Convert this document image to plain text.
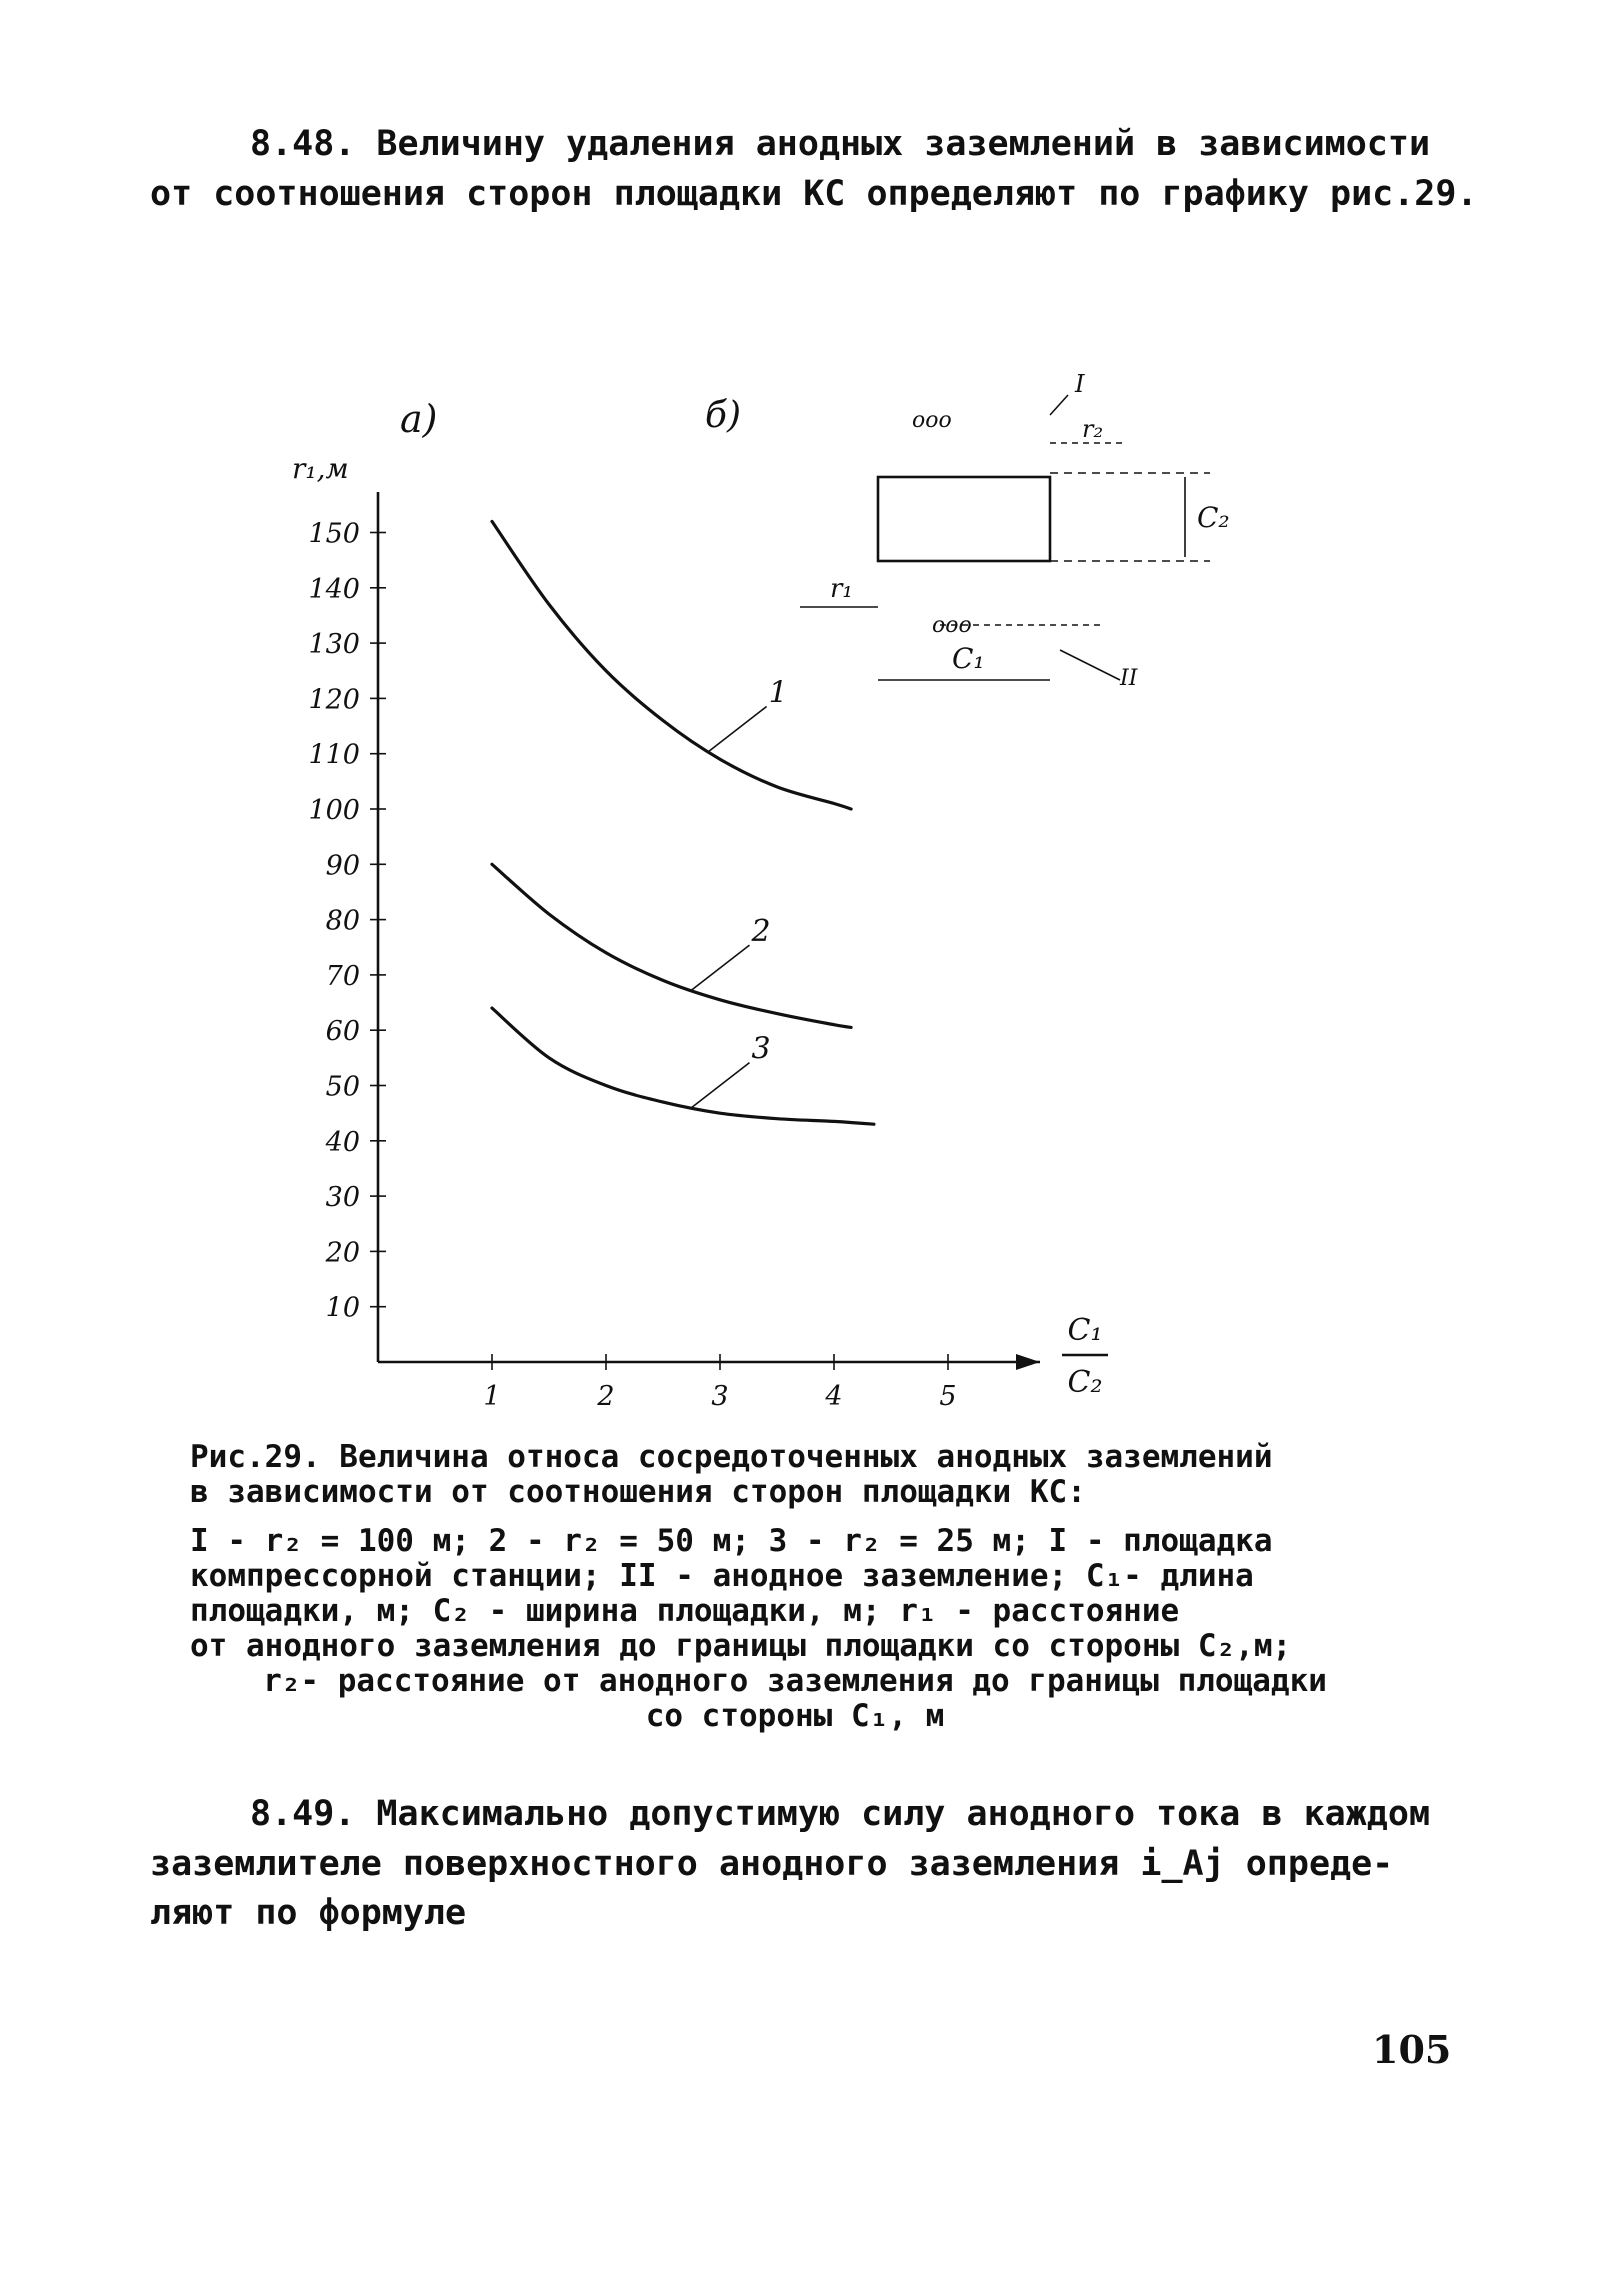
8.48. Величину удаления анодных заземлений в зависимости
от соотношения сторон площадки КС определяют по графику рис.29.

а)	б)
r₁,м
C₁
C₂
10
20
30
40
50
60
70
80
90
100
110
120
130
140
150
1	2	3	4	5
1
2
3
ооо
ооо
I
II
r₁
r₂
C₁
C₂
Рис.29. Величина относа сосредоточенных анодных заземлений
в зависимости от соотношения сторон площадки КС:
I - r₂ = 100 м; 2 - r₂ = 50 м; 3 - r₂ = 25 м; I - площадка
компрессорной станции; II - анодное заземление; C₁- длина
площадки, м; C₂ - ширина площадки, м; r₁ - расстояние
от анодного заземления до границы площадки со стороны C₂,м;
r₂- расстояние от анодного заземления до границы площадки
со стороны C₁, м

8.49. Максимально допустимую силу анодного тока в каждом
заземлителе поверхностного анодного заземления i_Aj опреде-
ляют по формуле

105
